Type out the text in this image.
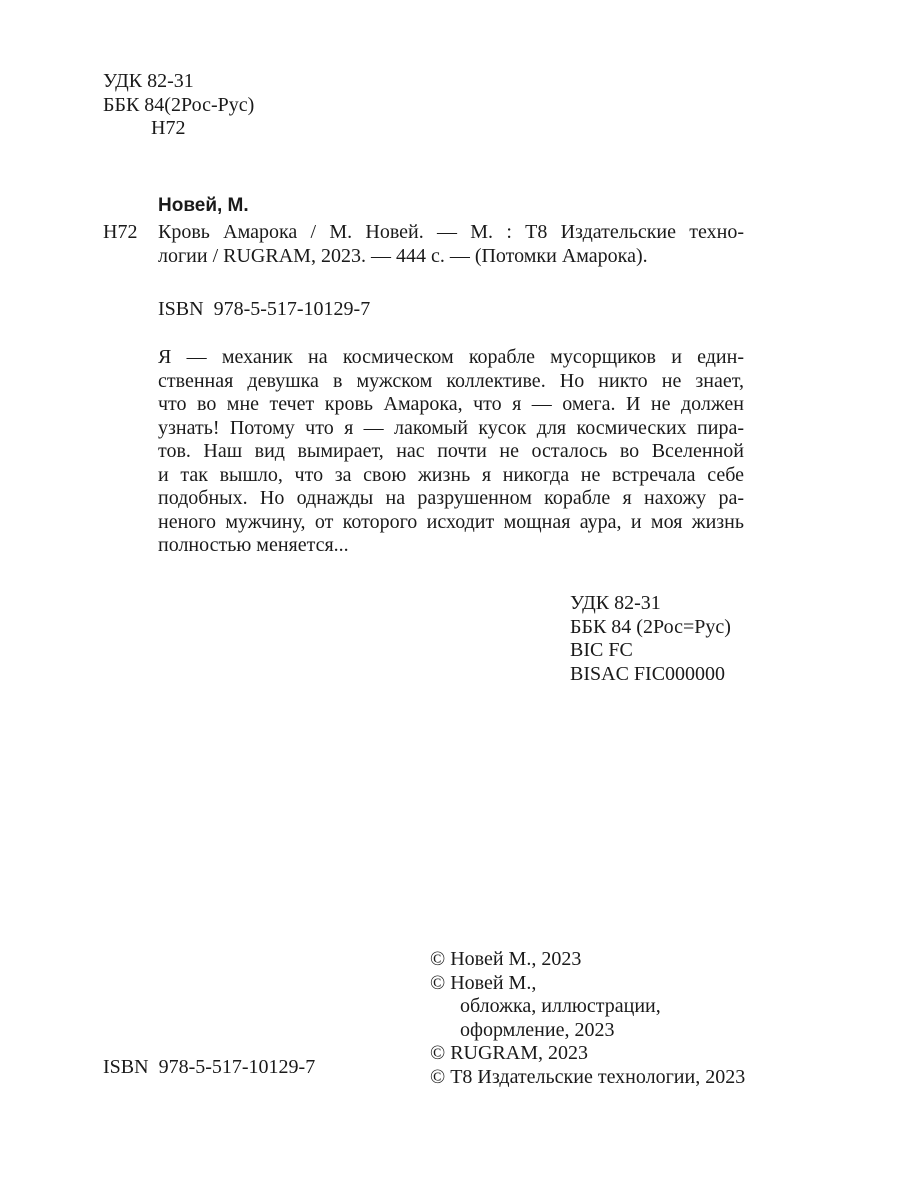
УДК 82-31
ББК 84(2Рос-Рус)
Н72
Новей, М.
Н72 Кровь Амарока / М. Новей. — М. : Т8 Издательские техно-
логии / RUGRAM, 2023. — 444 с. — (Потомки Амарока).
ISBN  978-5-517-10129-7
Я — механик на космическом корабле мусорщиков и един-
ственная девушка в мужском коллективе. Но никто не знает,
что во мне течет кровь Амарока, что я — омега. И не должен
узнать! Потому что я — лакомый кусок для космических пира-
тов. Наш вид вымирает, нас почти не осталось во Вселенной
и так вышло, что за свою жизнь я никогда не встречала себе
подобных. Но однажды на разрушенном корабле я нахожу ра-
неного мужчину, от которого исходит мощная аура, и моя жизнь
полностью меняется...
УДК 82-31
ББК 84 (2Рос=Рус)
BIC FC
BISAC FIC000000
© Новей М., 2023
© Новей М.,
обложка, иллюстрации,
оформление, 2023
© RUGRAM, 2023
© Т8 Издательские технологии, 2023
ISBN  978-5-517-10129-7
